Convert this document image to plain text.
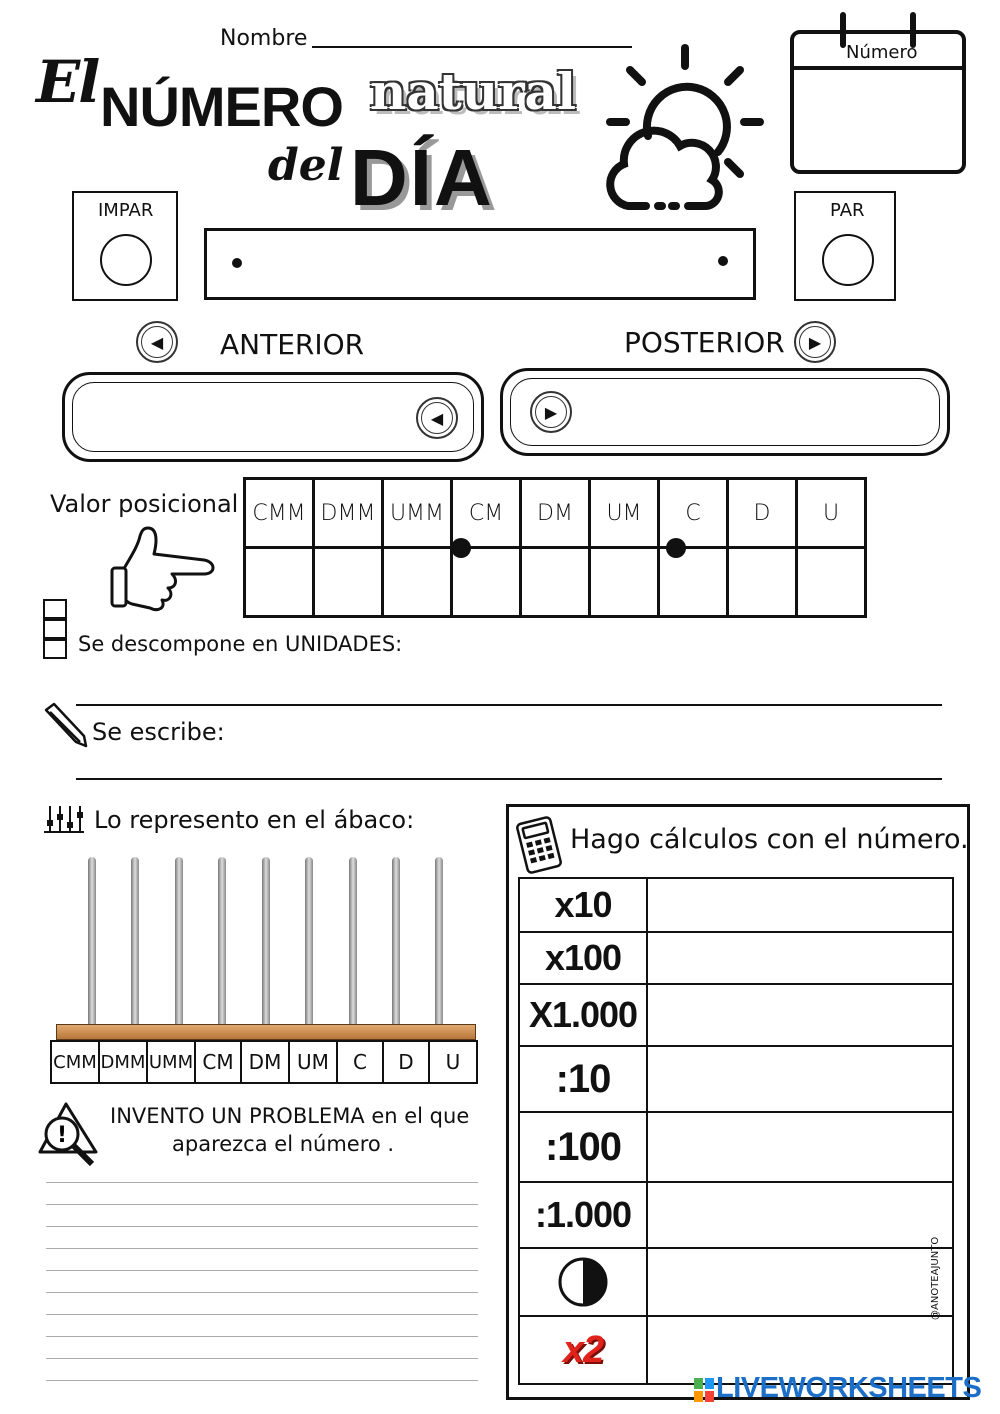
Nombre
El NÚMERO natural
del DÍA
Número
IMPAR	PAR
◀	ANTERIOR	POSTERIOR	▶
◀	▶
Valor posicional CMM	DMM	UMM	CM	DM	UM	C	D	U

Se descompone en UNIDADES:
Se escribe:
Lo represento en el ábaco:
CMM DMM UMM CM DM UM	C	D	U
!
INVENTO UN PROBLEMA en el que
aparezca el número .
Hago cálculos con el número.
x10	
x100	
X1.000	
:10	
:100	
:1.000	

x2	
@ANOTEAJUNTO
LIVEWORKSHEETS
